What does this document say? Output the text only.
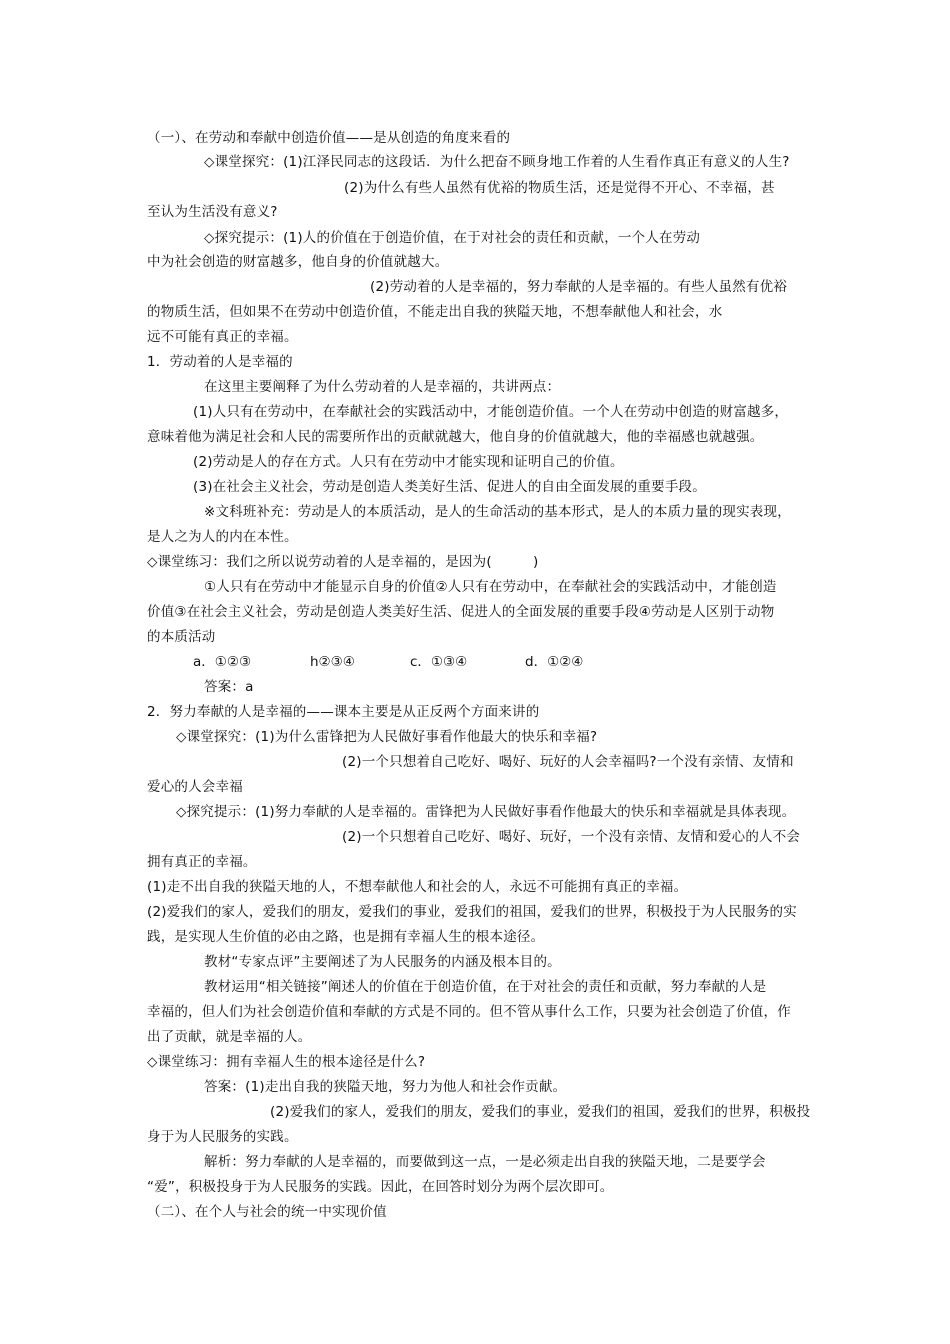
（一）、在劳动和奉献中创造价值——是从创造的角度来看的
◇课堂探究：(1)江泽民同志的这段话．为什么把奋不顾身地工作着的人生看作真正有意义的人生?
(2)为什么有些人虽然有优裕的物质生活，还是觉得不开心、不幸福，甚
至认为生活没有意义?
◇探究提示：(1)人的价值在于创造价值，在于对社会的责任和贡献，一个人在劳动
中为社会创造的财富越多，他自身的价值就越大。
(2)劳动着的人是幸福的，努力奉献的人是幸福的。有些人虽然有优裕
的物质生活，但如果不在劳动中创造价值，不能走出自我的狭隘天地，不想奉献他人和社会，水
远不可能有真正的幸福。
1．劳动着的人是幸福的
在这里主要阐释了为什么劳动着的人是幸福的，共讲两点：
(1)人只有在劳动中，在奉献社会的实践活动中，才能创造价值。一个人在劳动中创造的财富越多，
意味着他为满足社会和人民的需要所作出的贡献就越大，他自身的价值就越大，他的幸福感也就越强。
(2)劳动是人的存在方式。人只有在劳动中才能实现和证明自己的价值。
(3)在社会主义社会，劳动是创造人类美好生活、促进人的自由全面发展的重要手段。
※文科班补充：劳动是人的本质活动，是人的生命活动的基本形式，是人的本质力量的现实表现，
是人之为人的内在本性。
◇课堂练习：我们之所以说劳动着的人是幸福的，是因为(　　　)
①人只有在劳动中才能显示自身的价值②人只有在劳动中，在奉献社会的实践活动中，才能创造
价值③在社会主义社会，劳动是创造人类美好生活、促进人的全面发展的重要手段④劳动是人区别于动物
的本质活动
a．①②③	h②③④	c．①③④	d．①②④
答案：a
2．努力奉献的人是幸福的——课本主要是从正反两个方面来讲的
◇课堂探究：(1)为什么雷锋把为人民做好事看作他最大的快乐和幸福?
(2)一个只想着自己吃好、喝好、玩好的人会幸福吗?一个没有亲情、友情和
爱心的人会幸福
◇探究提示：(1)努力奉献的人是幸福的。雷锋把为人民做好事看作他最大的快乐和幸福就是具体表现。
(2)一个只想着自己吃好、喝好、玩好，一个没有亲情、友情和爱心的人不会
拥有真正的幸福。
(1)走不出自我的狭隘天地的人，不想奉献他人和社会的人，永远不可能拥有真正的幸福。
(2)爱我们的家人，爱我们的朋友，爱我们的事业，爱我们的祖国，爱我们的世界，积极投于为人民服务的实
践，是实现人生价值的必由之路，也是拥有幸福人生的根本途径。
教材“专家点评”主要阐述了为人民服务的内涵及根本目的。
教材运用“相关链接”阐述人的价值在于创造价值，在于对社会的责任和贡献，努力奉献的人是
幸福的，但人们为社会创造价值和奉献的方式是不同的。但不管从事什么工作，只要为社会创造了价值，作
出了贡献，就是幸福的人。
◇课堂练习：拥有幸福人生的根本途径是什么?
答案：(1)走出自我的狭隘天地，努力为他人和社会作贡献。
(2)爱我们的家人，爱我们的朋友，爱我们的事业，爱我们的祖国，爱我们的世界，积极投
身于为人民服务的实践。
解析：努力奉献的人是幸福的，而要做到这一点，一是必须走出自我的狭隘天地，二是要学会
“爱”，积极投身于为人民服务的实践。因此，在回答时划分为两个层次即可。
（二）、在个人与社会的统一中实现价值
